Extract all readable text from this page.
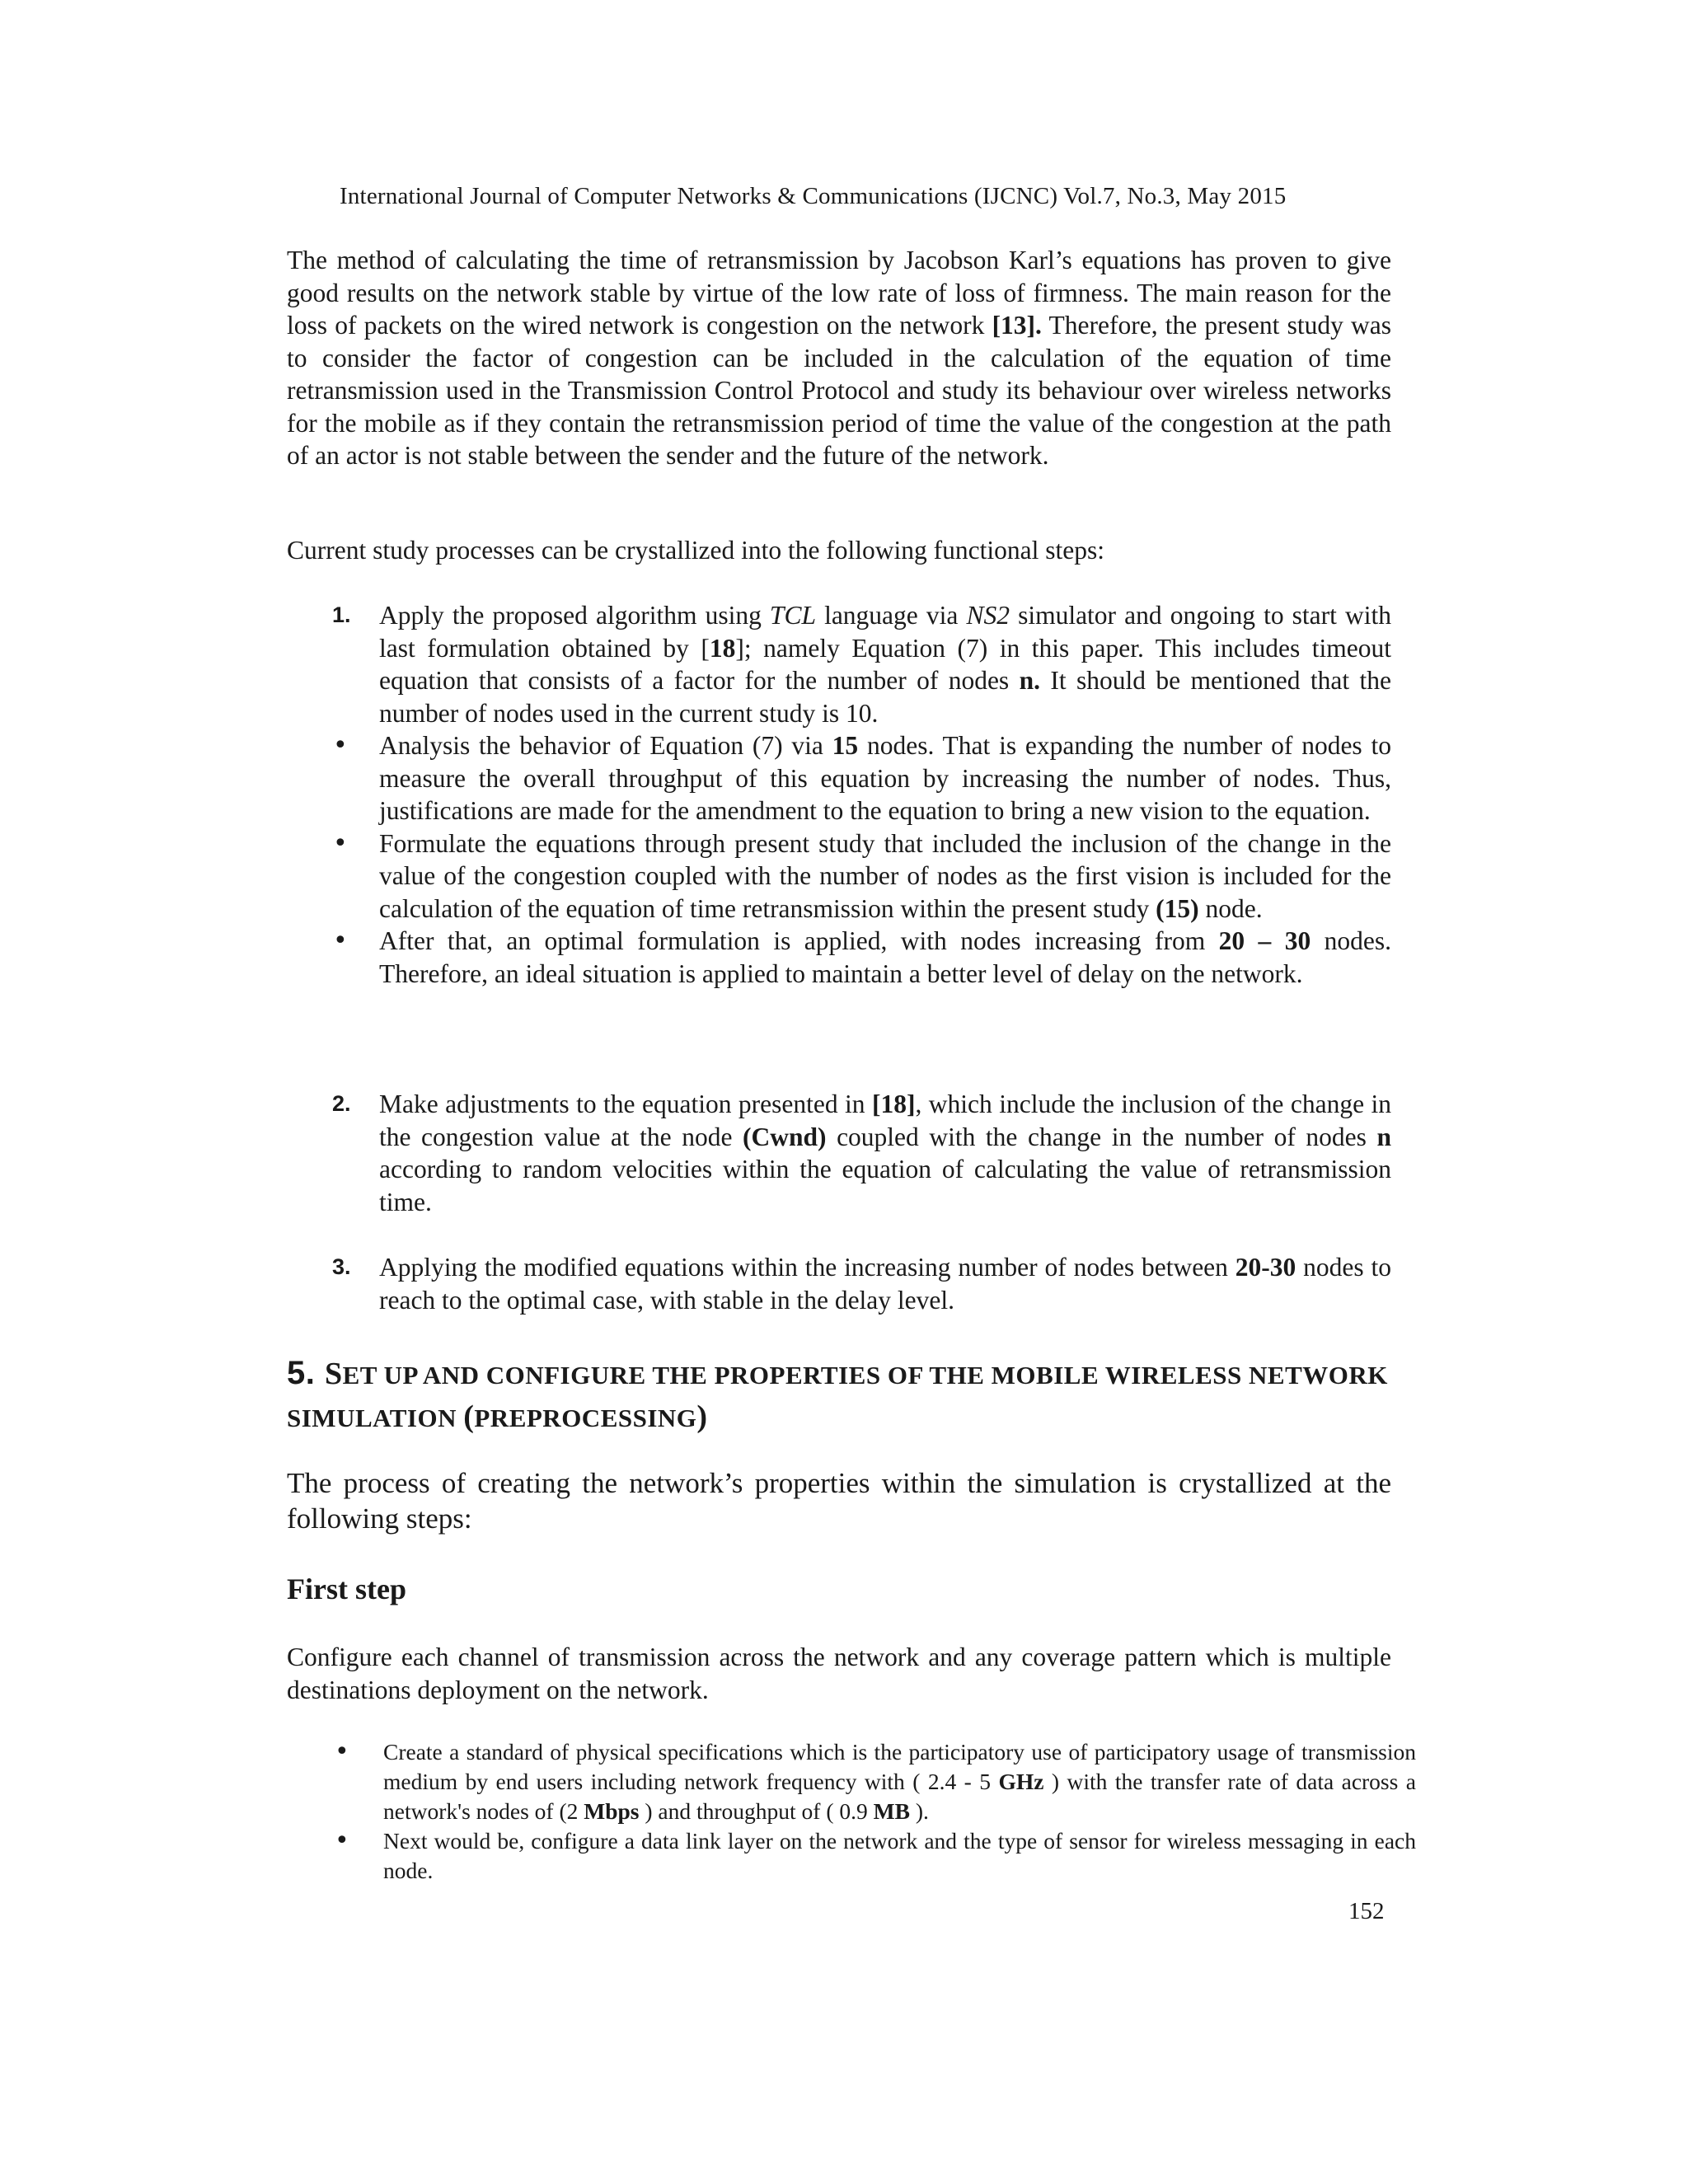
International Journal of Computer Networks & Communications (IJCNC) Vol.7, No.3, May 2015

The method of calculating the time of retransmission by Jacobson Karl’s equations has proven to give good results on the network stable by virtue of the low rate of loss of firmness. The main reason for the loss of packets on the wired network is congestion on the network [13]. Therefore, the present study was to consider the factor of congestion can be included in the calculation of the equation of time retransmission used in the Transmission Control Protocol and study its behaviour over wireless networks for the mobile as if they contain the retransmission period of time the value of the congestion at the path of an actor is not stable between the sender and the future of the network.

Current study processes can be crystallized into the following functional steps:

1. Apply the proposed algorithm using TCL language via NS2 simulator and ongoing to start with last formulation obtained by [18]; namely Equation (7) in this paper. This includes timeout equation that consists of a factor for the number of nodes n. It should be mentioned that the number of nodes used in the current study is 10.
• Analysis the behavior of Equation (7) via 15 nodes. That is expanding the number of nodes to measure the overall throughput of this equation by increasing the number of nodes. Thus, justifications are made for the amendment to the equation to bring a new vision to the equation.
• Formulate the equations through present study that included the inclusion of the change in the value of the congestion coupled with the number of nodes as the first vision is included for the calculation of the equation of time retransmission within the present study (15) node.
• After that, an optimal formulation is applied, with nodes increasing from 20 – 30 nodes. Therefore, an ideal situation is applied to maintain a better level of delay on the network.
2. Make adjustments to the equation presented in [18], which include the inclusion of the change in the congestion value at the node (Cwnd) coupled with the change in the number of nodes n according to random velocities within the equation of calculating the value of retransmission time.
3. Applying the modified equations within the increasing number of nodes between 20-30 nodes to reach to the optimal case, with stable in the delay level.
5. SET UP AND CONFIGURE THE PROPERTIES OF THE MOBILE WIRELESS NETWORK SIMULATION (PREPROCESSING)

The process of creating the network’s properties within the simulation is crystallized at the following steps:

First step

Configure each channel of transmission across the network and any coverage pattern which is multiple destinations deployment on the network.

• Create a standard of physical specifications which is the participatory use of participatory usage of transmission medium by end users including network frequency with ( 2.4 - 5 GHz ) with the transfer rate of data across a network's nodes of (2 Mbps ) and throughput of ( 0.9 MB ).
• Next would be, configure a data link layer on the network and the type of sensor for wireless messaging in each node.
152
